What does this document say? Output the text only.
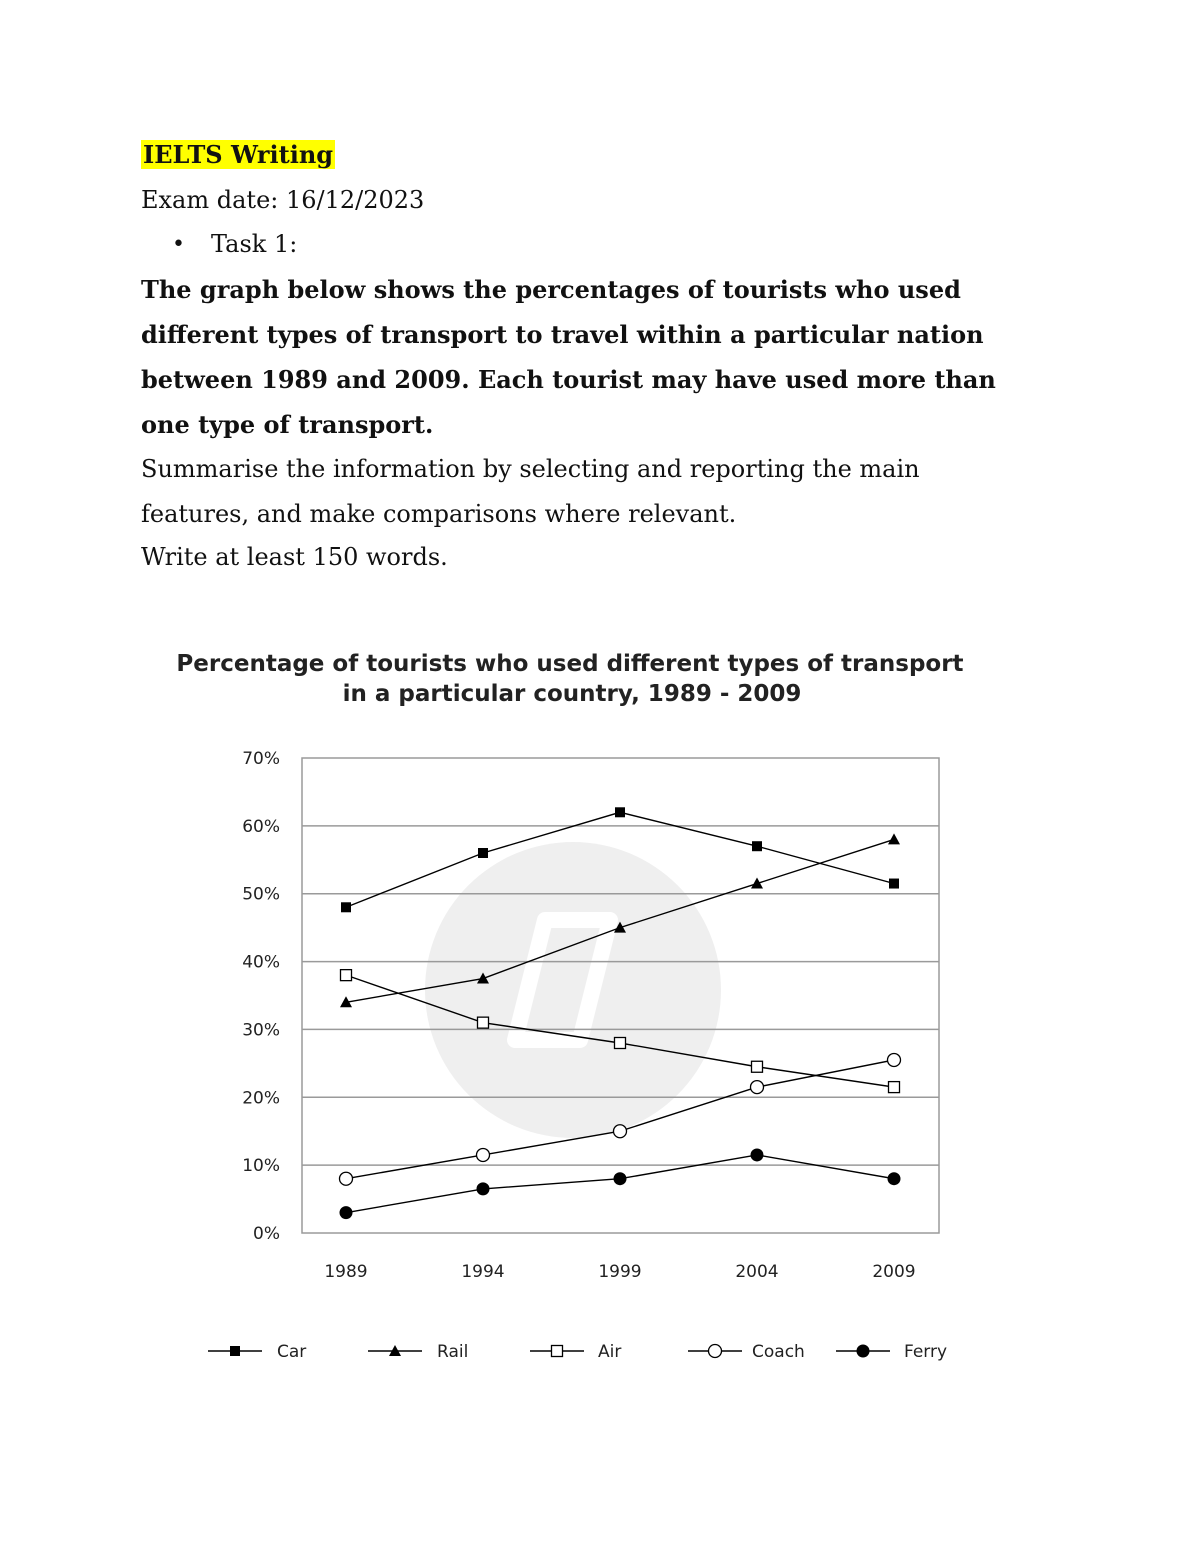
IELTS Writing
Exam date: 16/12/2023
• Task 1:
The graph below shows the percentages of tourists who used
different types of transport to travel within a particular nation
between 1989 and 2009. Each tourist may have used more than
one type of transport.
Summarise the information by selecting and reporting the main
features, and make comparisons where relevant.
Write at least 150 words.
Percentage of tourists who used different types of transport
in a particular country, 1989 - 2009
0%
10%
20%
30%
40%
50%
60%
70%
1989	1994	1999	2004	2009
Car	Rail	Air	Coach	Ferry
